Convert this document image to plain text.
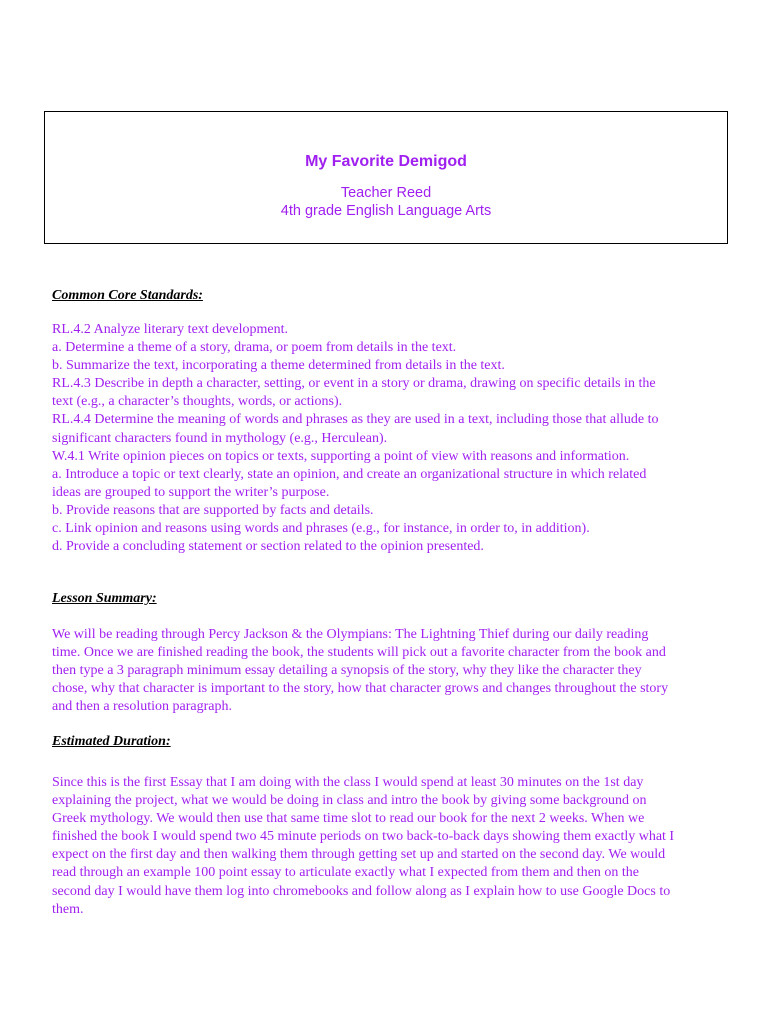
My Favorite Demigod

Teacher Reed

4th grade English Language Arts

Common Core Standards:

RL.4.2 Analyze literary text development.
a. Determine a theme of a story, drama, or poem from details in the text.
b. Summarize the text, incorporating a theme determined from details in the text.
RL.4.3 Describe in depth a character, setting, or event in a story or drama, drawing on specific details in the
text (e.g., a character’s thoughts, words, or actions).
RL.4.4 Determine the meaning of words and phrases as they are used in a text, including those that allude to
significant characters found in mythology (e.g., Herculean).
W.4.1 Write opinion pieces on topics or texts, supporting a point of view with reasons and information.
a. Introduce a topic or text clearly, state an opinion, and create an organizational structure in which related
ideas are grouped to support the writer’s purpose.
b. Provide reasons that are supported by facts and details.
c. Link opinion and reasons using words and phrases (e.g., for instance, in order to, in addition).
d. Provide a concluding statement or section related to the opinion presented.

Lesson Summary:

We will be reading through Percy Jackson & the Olympians: The Lightning Thief during our daily reading
time. Once we are finished reading the book, the students will pick out a favorite character from the book and
then type a 3 paragraph minimum essay detailing a synopsis of the story, why they like the character they
chose, why that character is important to the story, how that character grows and changes throughout the story
and then a resolution paragraph.

Estimated Duration:

Since this is the first Essay that I am doing with the class I would spend at least 30 minutes on the 1st day
explaining the project, what we would be doing in class and intro the book by giving some background on
Greek mythology. We would then use that same time slot to read our book for the next 2 weeks. When we
finished the book I would spend two 45 minute periods on two back-to-back days showing them exactly what I
expect on the first day and then walking them through getting set up and started on the second day. We would
read through an example 100 point essay to articulate exactly what I expected from them and then on the
second day I would have them log into chromebooks and follow along as I explain how to use Google Docs to
them.
